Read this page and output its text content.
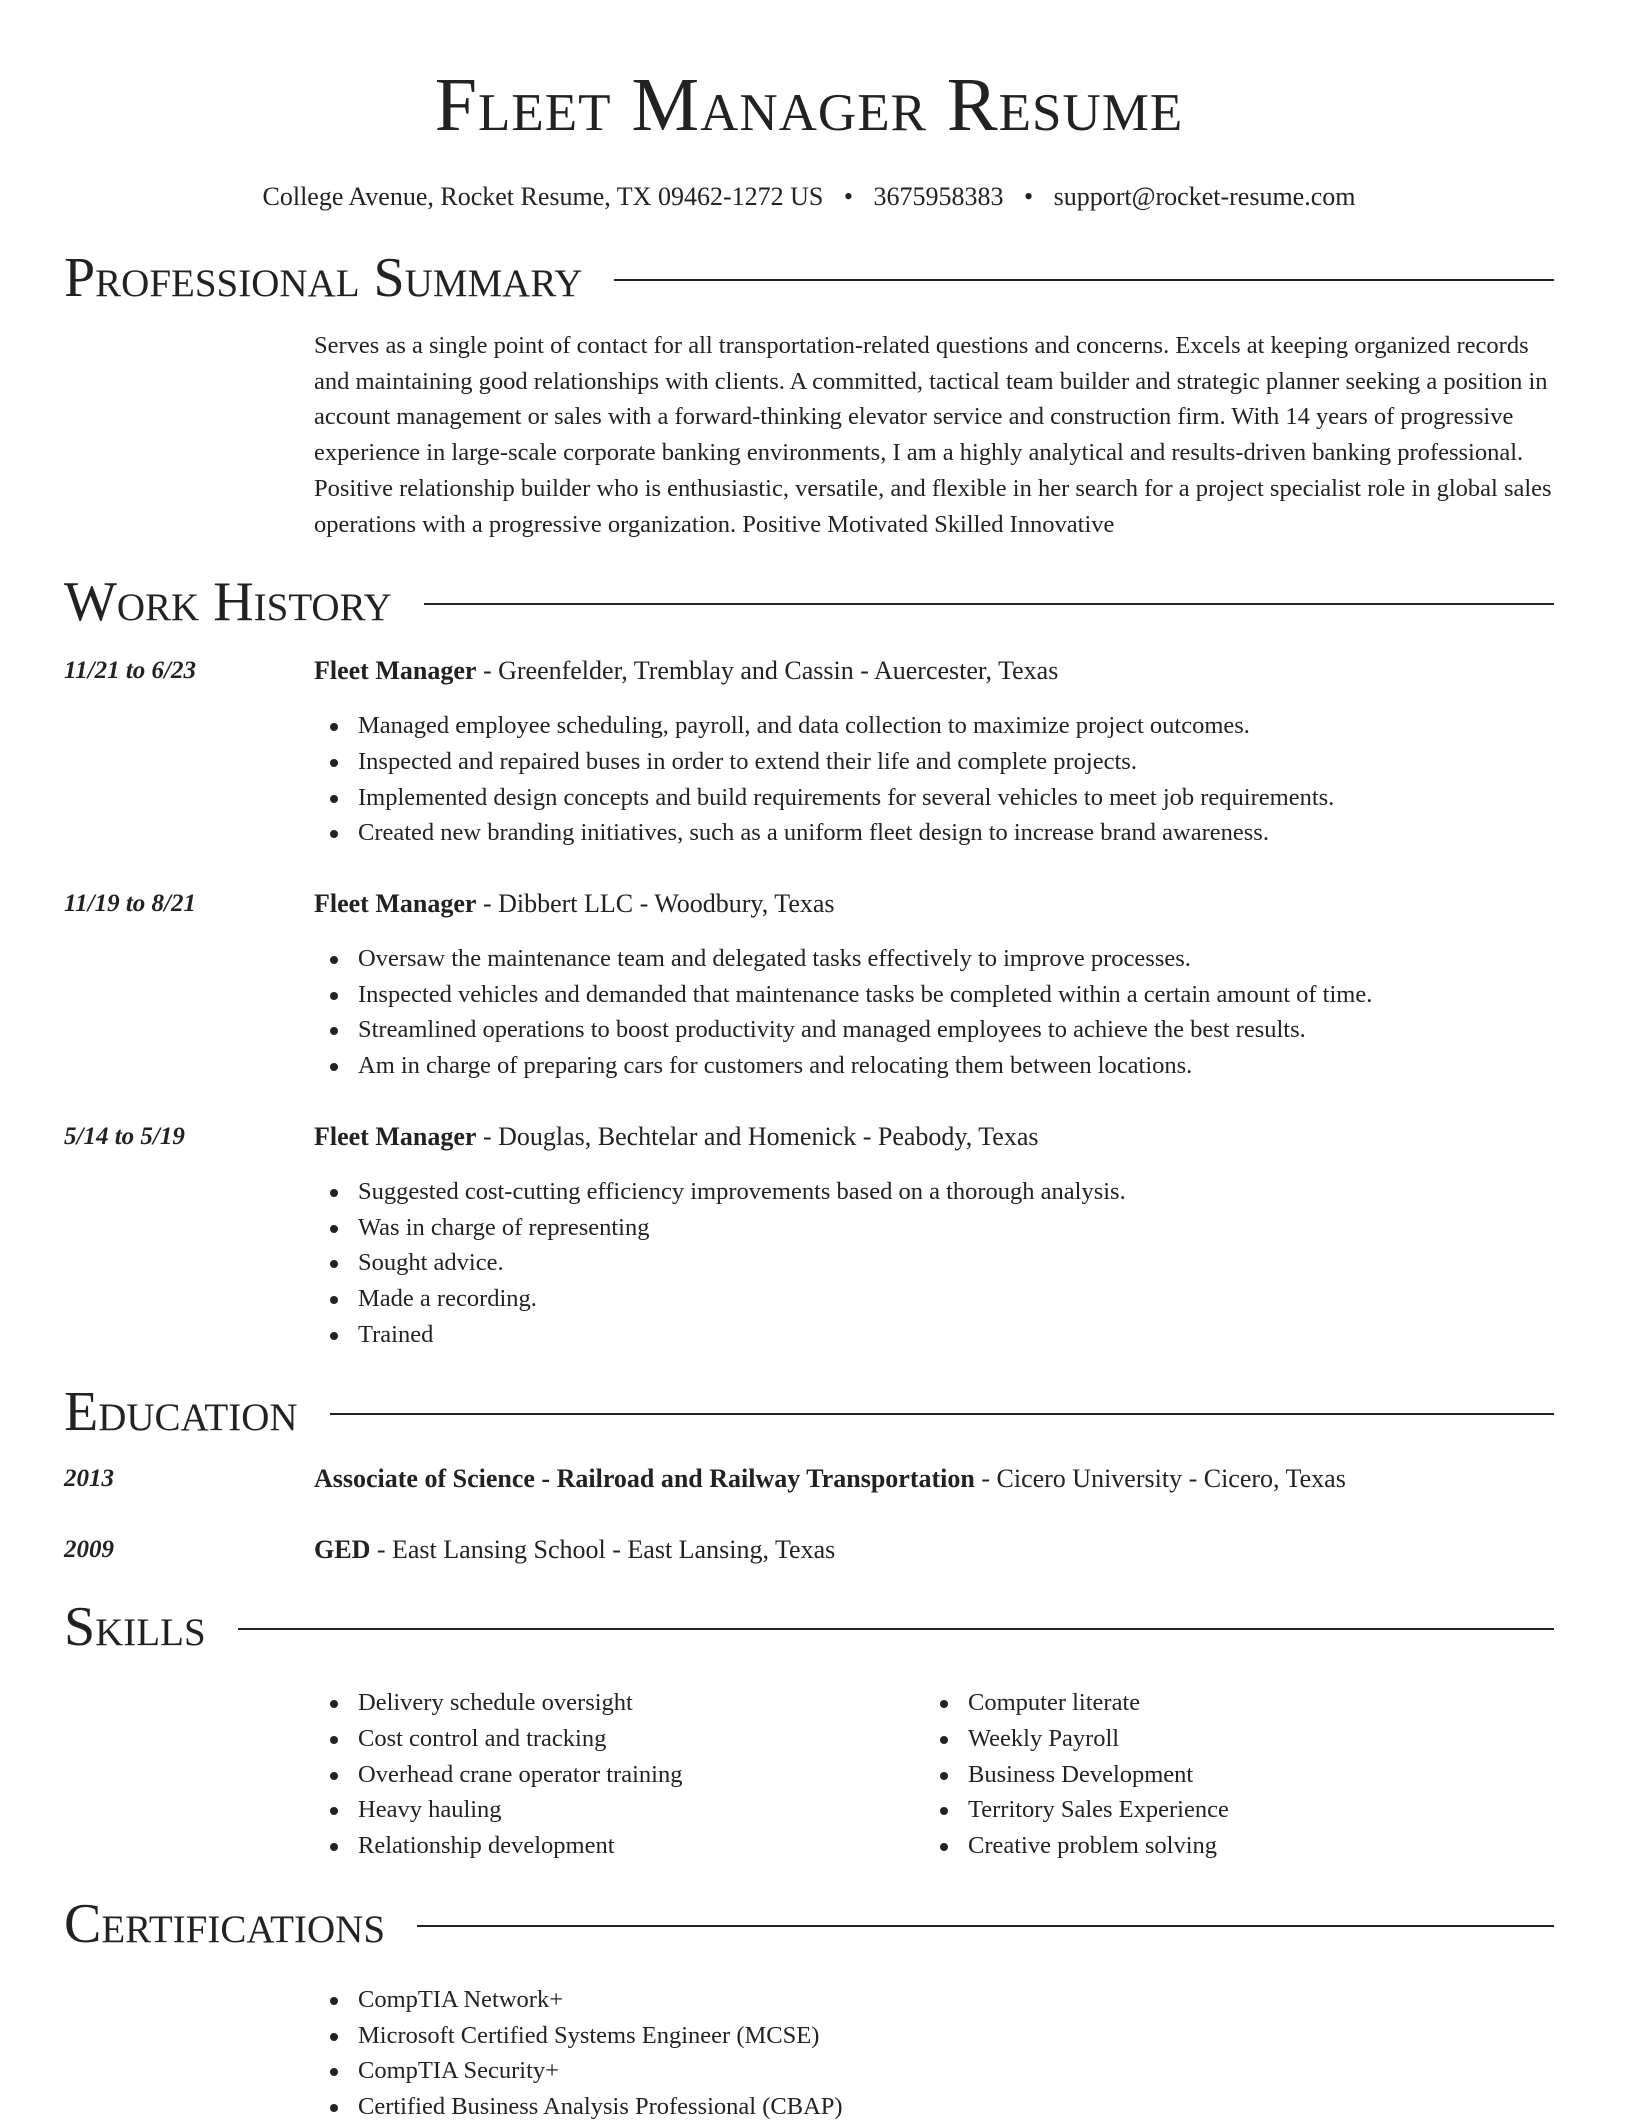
Fleet Manager Resume
College Avenue, Rocket Resume, TX 09462-1272 US • 3675958383 • support@rocket-resume.com
Professional Summary

Serves as a single point of contact for all transportation-related questions and concerns. Excels at keeping organized records and maintaining good relationships with clients. A committed, tactical team builder and strategic planner seeking a position in account management or sales with a forward-thinking elevator service and construction firm. With 14 years of progressive experience in large-scale corporate banking environments, I am a highly analytical and results-driven banking professional. Positive relationship builder who is enthusiastic, versatile, and flexible in her search for a project specialist role in global sales operations with a progressive organization. Positive Motivated Skilled Innovative

Work History
11/21 to 6/23	Fleet Manager - Greenfelder, Tremblay and Cassin - Auercester, Texas
Managed employee scheduling, payroll, and data collection to maximize project outcomes.
Inspected and repaired buses in order to extend their life and complete projects.
Implemented design concepts and build requirements for several vehicles to meet job requirements.
Created new branding initiatives, such as a uniform fleet design to increase brand awareness.
11/19 to 8/21	Fleet Manager - Dibbert LLC - Woodbury, Texas
Oversaw the maintenance team and delegated tasks effectively to improve processes.
Inspected vehicles and demanded that maintenance tasks be completed within a certain amount of time.
Streamlined operations to boost productivity and managed employees to achieve the best results.
Am in charge of preparing cars for customers and relocating them between locations.
5/14 to 5/19	Fleet Manager - Douglas, Bechtelar and Homenick - Peabody, Texas
Suggested cost-cutting efficiency improvements based on a thorough analysis.
Was in charge of representing
Sought advice.
Made a recording.
Trained
Education
2013	Associate of Science - Railroad and Railway Transportation - Cicero University - Cicero, Texas
2009	GED - East Lansing School - East Lansing, Texas
Skills
Delivery schedule oversight
Cost control and tracking
Overhead crane operator training
Heavy hauling
Relationship development
Computer literate
Weekly Payroll
Business Development
Territory Sales Experience
Creative problem solving
Certifications
CompTIA Network+
Microsoft Certified Systems Engineer (MCSE)
CompTIA Security+
Certified Business Analysis Professional (CBAP)
